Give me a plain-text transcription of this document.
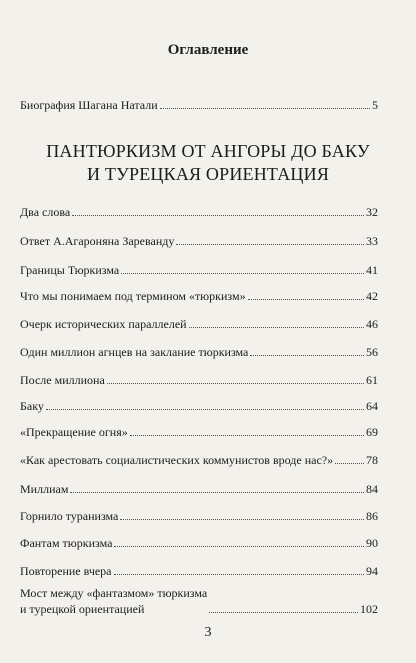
Оглавление
Биография Шагана Натали	5
ПАНТЮРКИЗМ ОТ АНГОРЫ ДО БАКУ
И ТУРЕЦКАЯ ОРИЕНТАЦИЯ
Два слова	32
Ответ А.Агароняна Зареванду	33
Границы Тюркизма	41
Что мы понимаем под термином «тюркизм»	42
Очерк исторических параллелей	46
Один миллион агнцев на заклание тюркизма	56
После миллиона	61
Баку	64
«Прекращение огня»	69
«Как арестовать социалистических коммунистов вроде нас?»	78
Миллиам	84
Горнило туранизма	86
Фантам тюркизма	90
Повторение вчера	94
Мост между «фантазмом» тюркизма
и турецкой ориентацией	102
3
